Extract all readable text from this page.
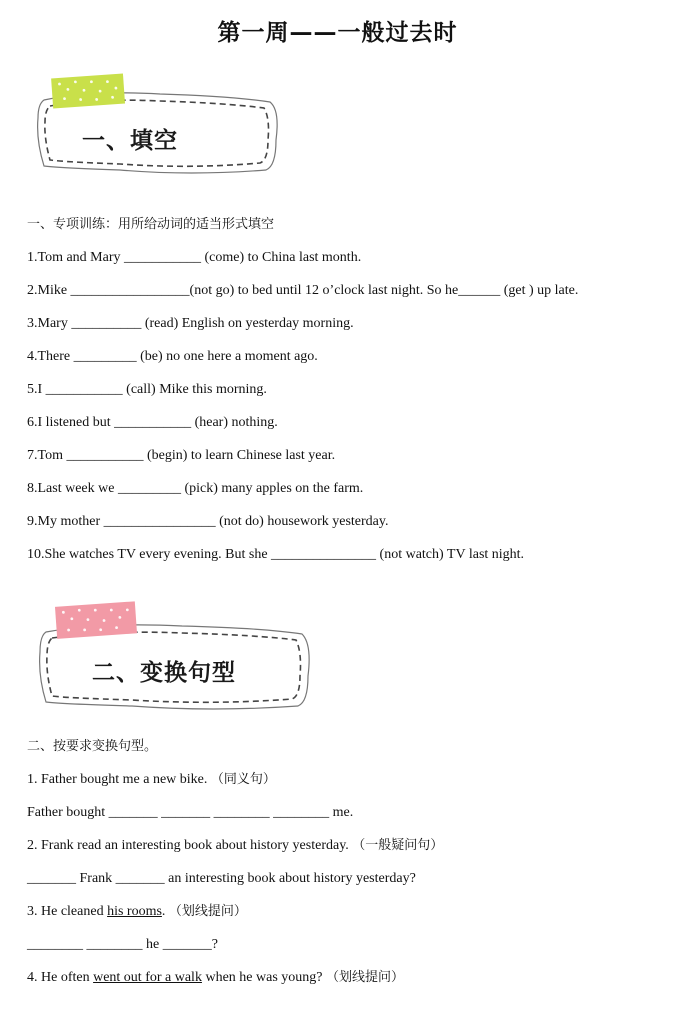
第一周——一般过去时
一、填空
一、专项训练：用所给动词的适当形式填空
1.Tom and Mary ___________ (come) to China last month.
2.Mike _________________(not go) to bed until 12 o’clock last night. So he______ (get ) up late.
3.Mary __________ (read) English on yesterday morning.
4.There _________ (be) no one here a moment ago.
5.I ___________ (call) Mike this morning.
6.I listened but ___________ (hear) nothing.
7.Tom ___________ (begin) to learn Chinese last year.
8.Last week we _________ (pick) many apples on the farm.
9.My mother ________________ (not do) housework yesterday.
10.She watches TV every evening. But she _______________ (not watch) TV last night.
二、变换句型
二、按要求变换句型。
1. Father bought me a new bike. （同义句）
Father bought _______ _______ ________ ________ me.
2. Frank read an interesting book about history yesterday. （一般疑问句）
_______ Frank _______ an interesting book about history yesterday?
3. He cleaned his rooms. （划线提问）
________ ________ he _______?
4. He often went out for a walk when he was young? （划线提问）
